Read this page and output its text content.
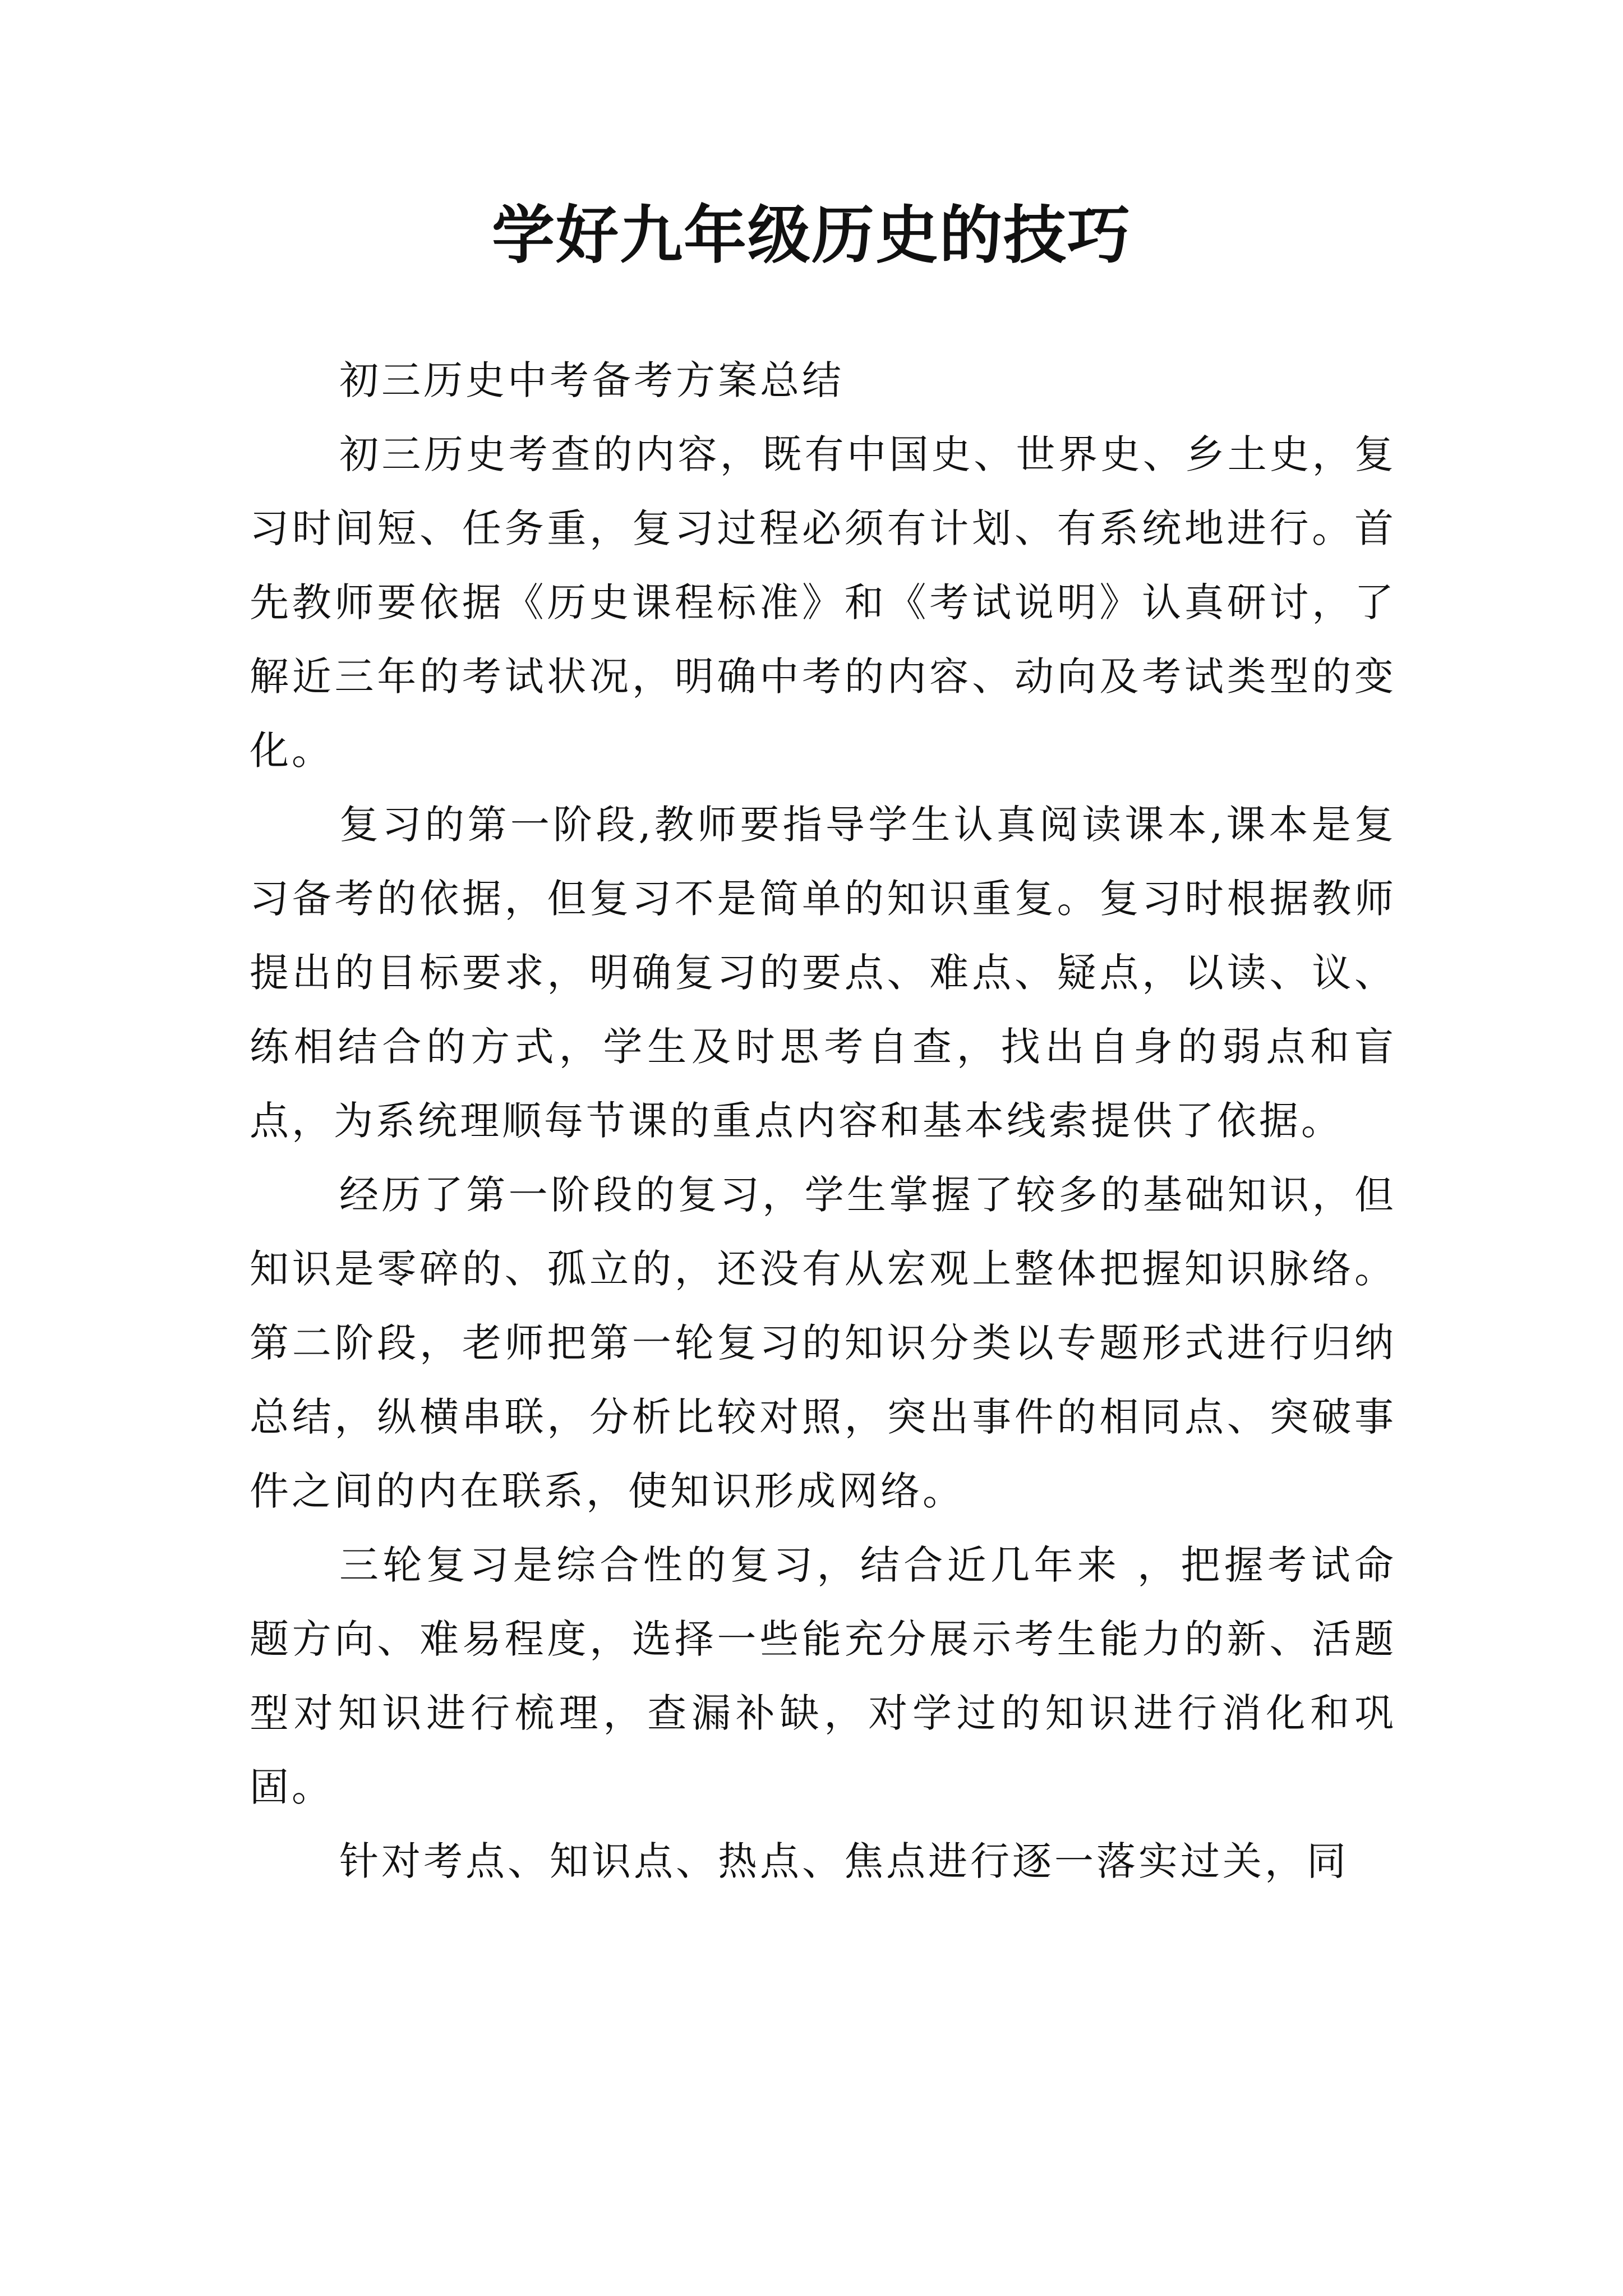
学好九年级历史的技巧

初三历史中考备考方案总结

初三历史考查的内容，既有中国史、世界史、乡土史，复习时间短、任务重，复习过程必须有计划、有系统地进行。首先教师要依据《历史课程标准》和《考试说明》认真研讨，了解近三年的考试状况，明确中考的内容、动向及考试类型的变化。

复习的第一阶段,教师要指导学生认真阅读课本,课本是复习备考的依据，但复习不是简单的知识重复。复习时根据教师提出的目标要求，明确复习的要点、难点、疑点，以读、议、练相结合的方式，学生及时思考自查，找出自身的弱点和盲点，为系统理顺每节课的重点内容和基本线索提供了依据。

经历了第一阶段的复习，学生掌握了较多的基础知识，但知识是零碎的、孤立的，还没有从宏观上整体把握知识脉络。第二阶段，老师把第一轮复习的知识分类以专题形式进行归纳总结，纵横串联，分析比较对照，突出事件的相同点、突破事件之间的内在联系，使知识形成网络。

三轮复习是综合性的复习，结合近几年来 ，把握考试命题方向、难易程度，选择一些能充分展示考生能力的新、活题型对知识进行梳理，查漏补缺，对学过的知识进行消化和巩固。

针对考点、知识点、热点、焦点进行逐一落实过关，同
